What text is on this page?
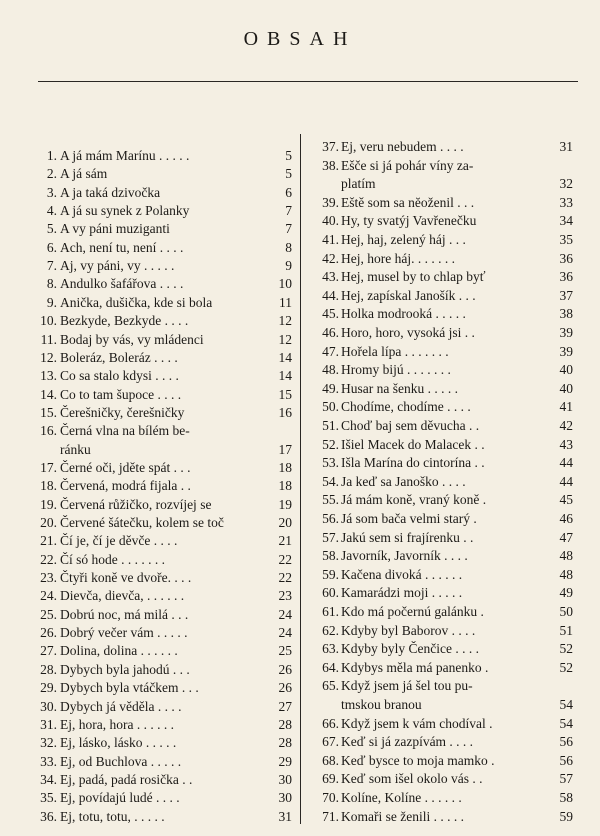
OBSAH
1. A já mám Marínu . . . . .	5
2. A já sám	5
3. A ja taká dzivočka	6
4. A já su synek z Polanky	7
5. A vy páni muziganti	7
6. Ach, není tu, není . . . .	8
7. Aj, vy páni, vy . . . . .	9
8. Andulko šafářova . . . .	10
9. Anička, dušička, kde si bola	11
10. Bezkyde, Bezkyde . . . .	12
11. Bodaj by vás, vy mládenci	12
12. Boleráz, Boleráz . . . .	14
13. Co sa stalo kdysi . . . .	14
14. Co to tam šupoce . . . .	15
15. Čerešničky, čerešničky	16
16. Černá vlna na bílém be-
ránku	17
17. Černé oči, jděte spát . . .	18
18. Červená, modrá fijala . .	18
19. Červená růžičko, rozvíjej se	19
20. Červené šátečku, kolem se toč	20
21. Čí je, čí je děvče . . . .	21
22. Čí só hode . . . . . . .	22
23. Čtyři koně ve dvoře. . . .	22
24. Dievča, dievča, . . . . . .	23
25. Dobrú noc, má milá . . .	24
26. Dobrý večer vám . . . . .	24
27. Dolina, dolina . . . . . .	25
28. Dybych byla jahodú . . .	26
29. Dybych byla vtáčkem . . .	26
30. Dybych já věděla . . . .	27
31. Ej, hora, hora . . . . . .	28
32. Ej, lásko, lásko . . . . .	28
33. Ej, od Buchlova . . . . .	29
34. Ej, padá, padá rosička . .	30
35. Ej, povídajú ludé . . . .	30
36. Ej, totu, totu, . . . . .	31
37. Ej, veru nebudem . . . .	31
38. Ešče si já pohár víny za-
platím	32
39. Eště som sa nĕoženil . . .	33
40. Hy, ty svatýj Vavřenečku	34
41. Hej, haj, zelený háj . . .	35
42. Hej, hore háj. . . . . . .	36
43. Hej, musel by to chlap byť	36
44. Hej, zapískal Janošík . . .	37
45. Holka modrooká . . . . .	38
46. Horo, horo, vysoká jsi . .	39
47. Hořela lípa . . . . . . .	39
48. Hromy bijú . . . . . . .	40
49. Husar na šenku . . . . .	40
50. Chodíme, chodíme . . . .	41
51. Choď baj sem děvucha . .	42
52. Išiel Macek do Malacek . .	43
53. Išla Marína do cintorína . .	44
54. Ja keď sa Janoško . . . .	44
55. Já mám koně, vraný koně .	45
56. Já som bača velmi starý .	46
57. Jakú sem si frajírenku . .	47
58. Javorník, Javorník . . . .	48
59. Kačena divoká . . . . . .	48
60. Kamarádzi moji . . . . .	49
61. Kdo má počernú galánku .	50
62. Kdyby byl Baborov . . . .	51
63. Kdyby byly Čenčice . . . .	52
64. Kdybys měla má panenko .	52
65. Když jsem já šel tou pu-
tmskou branou	54
66. Když jsem k vám chodíval .	54
67. Keď si já zazpívám . . . .	56
68. Keď bysce to moja mamko .	56
69. Keď som išel okolo vás . .	57
70. Kolíne, Kolíne . . . . . .	58
71. Komaři se ženili . . . . .	59
